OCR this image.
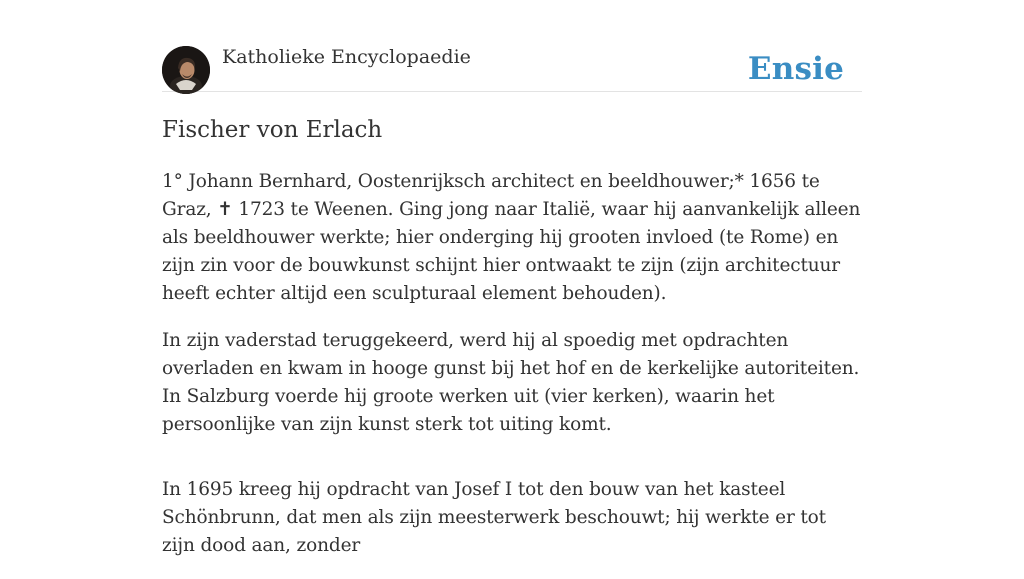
Katholieke Encyclopaedie	Ensie
Fischer von Erlach

1° Johann Bernhard, Oostenrijksch architect en beeldhouwer;* 1656 te Graz, ✝ 1723 te Weenen. Ging jong naar Italië, waar hij aanvankelijk alleen als beeldhouwer werkte; hier onderging hij grooten invloed (te Rome) en zijn zin voor de bouwkunst schijnt hier ontwaakt te zijn (zijn architectuur heeft echter altijd een sculpturaal element behouden).

In zijn vaderstad teruggekeerd, werd hij al spoedig met opdrachten overladen en kwam in hooge gunst bij het hof en de kerkelijke autoriteiten. In Salzburg voerde hij groote werken uit (vier kerken), waarin het persoonlijke van zijn kunst sterk tot uiting komt.

In 1695 kreeg hij opdracht van Josef I tot den bouw van het kasteel Schönbrunn, dat men als zijn meesterwerk beschouwt; hij werkte er tot zijn dood aan, zonder
